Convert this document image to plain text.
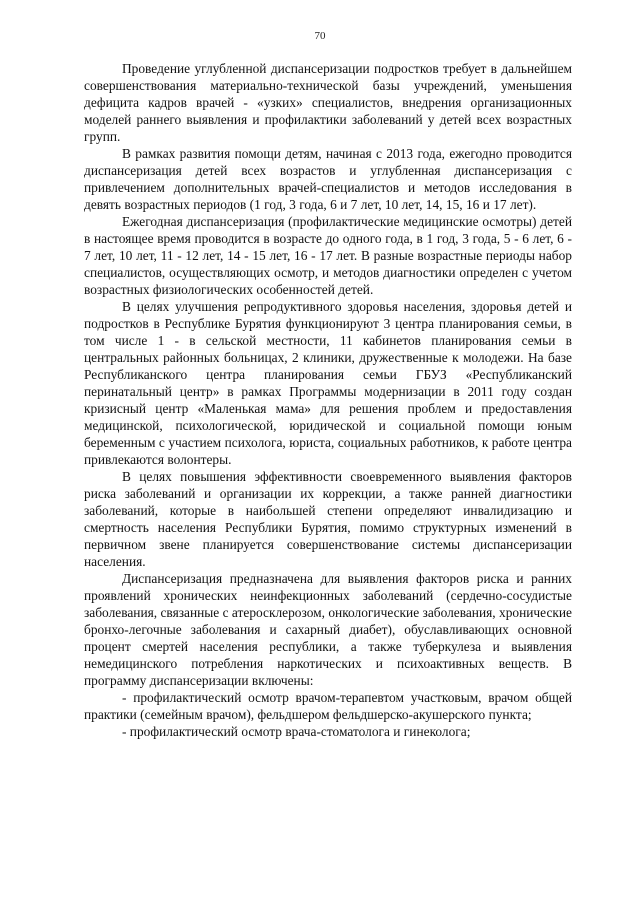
70

Проведение углубленной диспансеризации подростков требует в дальнейшем совершенствования материально-технической базы учреждений, уменьшения дефицита кадров врачей - «узких» специалистов, внедрения организационных моделей раннего выявления и профилактики заболеваний у детей всех возрастных групп.

В рамках развития помощи детям, начиная с 2013 года, ежегодно проводится диспансеризация детей всех возрастов и углубленная диспансеризация с привлечением дополнительных врачей-специалистов и методов исследования в девять возрастных периодов (1 год, 3 года, 6 и 7 лет, 10 лет, 14, 15, 16 и 17 лет).

Ежегодная диспансеризация (профилактические медицинские осмотры) детей в настоящее время проводится в возрасте до одного года, в 1 год, 3 года, 5 - 6 лет, 6 - 7 лет, 10 лет, 11 - 12 лет, 14 - 15 лет, 16 - 17 лет. В разные возрастные периоды набор специалистов, осуществляющих осмотр, и методов диагностики определен с учетом возрастных физиологических особенностей детей.

В целях улучшения репродуктивного здоровья населения, здоровья детей и подростков в Республике Бурятия функционируют 3 центра планирования семьи, в том числе 1 - в сельской местности, 11 кабинетов планирования семьи в центральных районных больницах, 2 клиники, дружественные к молодежи. На базе Республиканского центра планирования семьи ГБУЗ «Республиканский перинатальный центр» в рамках Программы модернизации в 2011 году создан кризисный центр «Маленькая мама» для решения проблем и предоставления медицинской, психологической, юридической и социальной помощи юным беременным с участием психолога, юриста, социальных работников, к работе центра привлекаются волонтеры.

В целях повышения эффективности своевременного выявления факторов риска заболеваний и организации их коррекции, а также ранней диагностики заболеваний, которые в наибольшей степени определяют инвалидизацию и смертность населения Республики Бурятия, помимо структурных изменений в первичном звене планируется совершенствование системы диспансеризации населения.

Диспансеризация предназначена для выявления факторов риска и ранних проявлений хронических неинфекционных заболеваний (сердечно-сосудистые заболевания, связанные с атеросклерозом, онкологические заболевания, хронические бронхо-легочные заболевания и сахарный диабет), обуславливающих основной процент смертей населения республики, а также туберкулеза и выявления немедицинского потребления наркотических и психоактивных веществ. В программу диспансеризации включены:

- профилактический осмотр врачом-терапевтом участковым, врачом общей практики (семейным врачом), фельдшером фельдшерско-акушерского пункта;

- профилактический осмотр врача-стоматолога и гинеколога;
